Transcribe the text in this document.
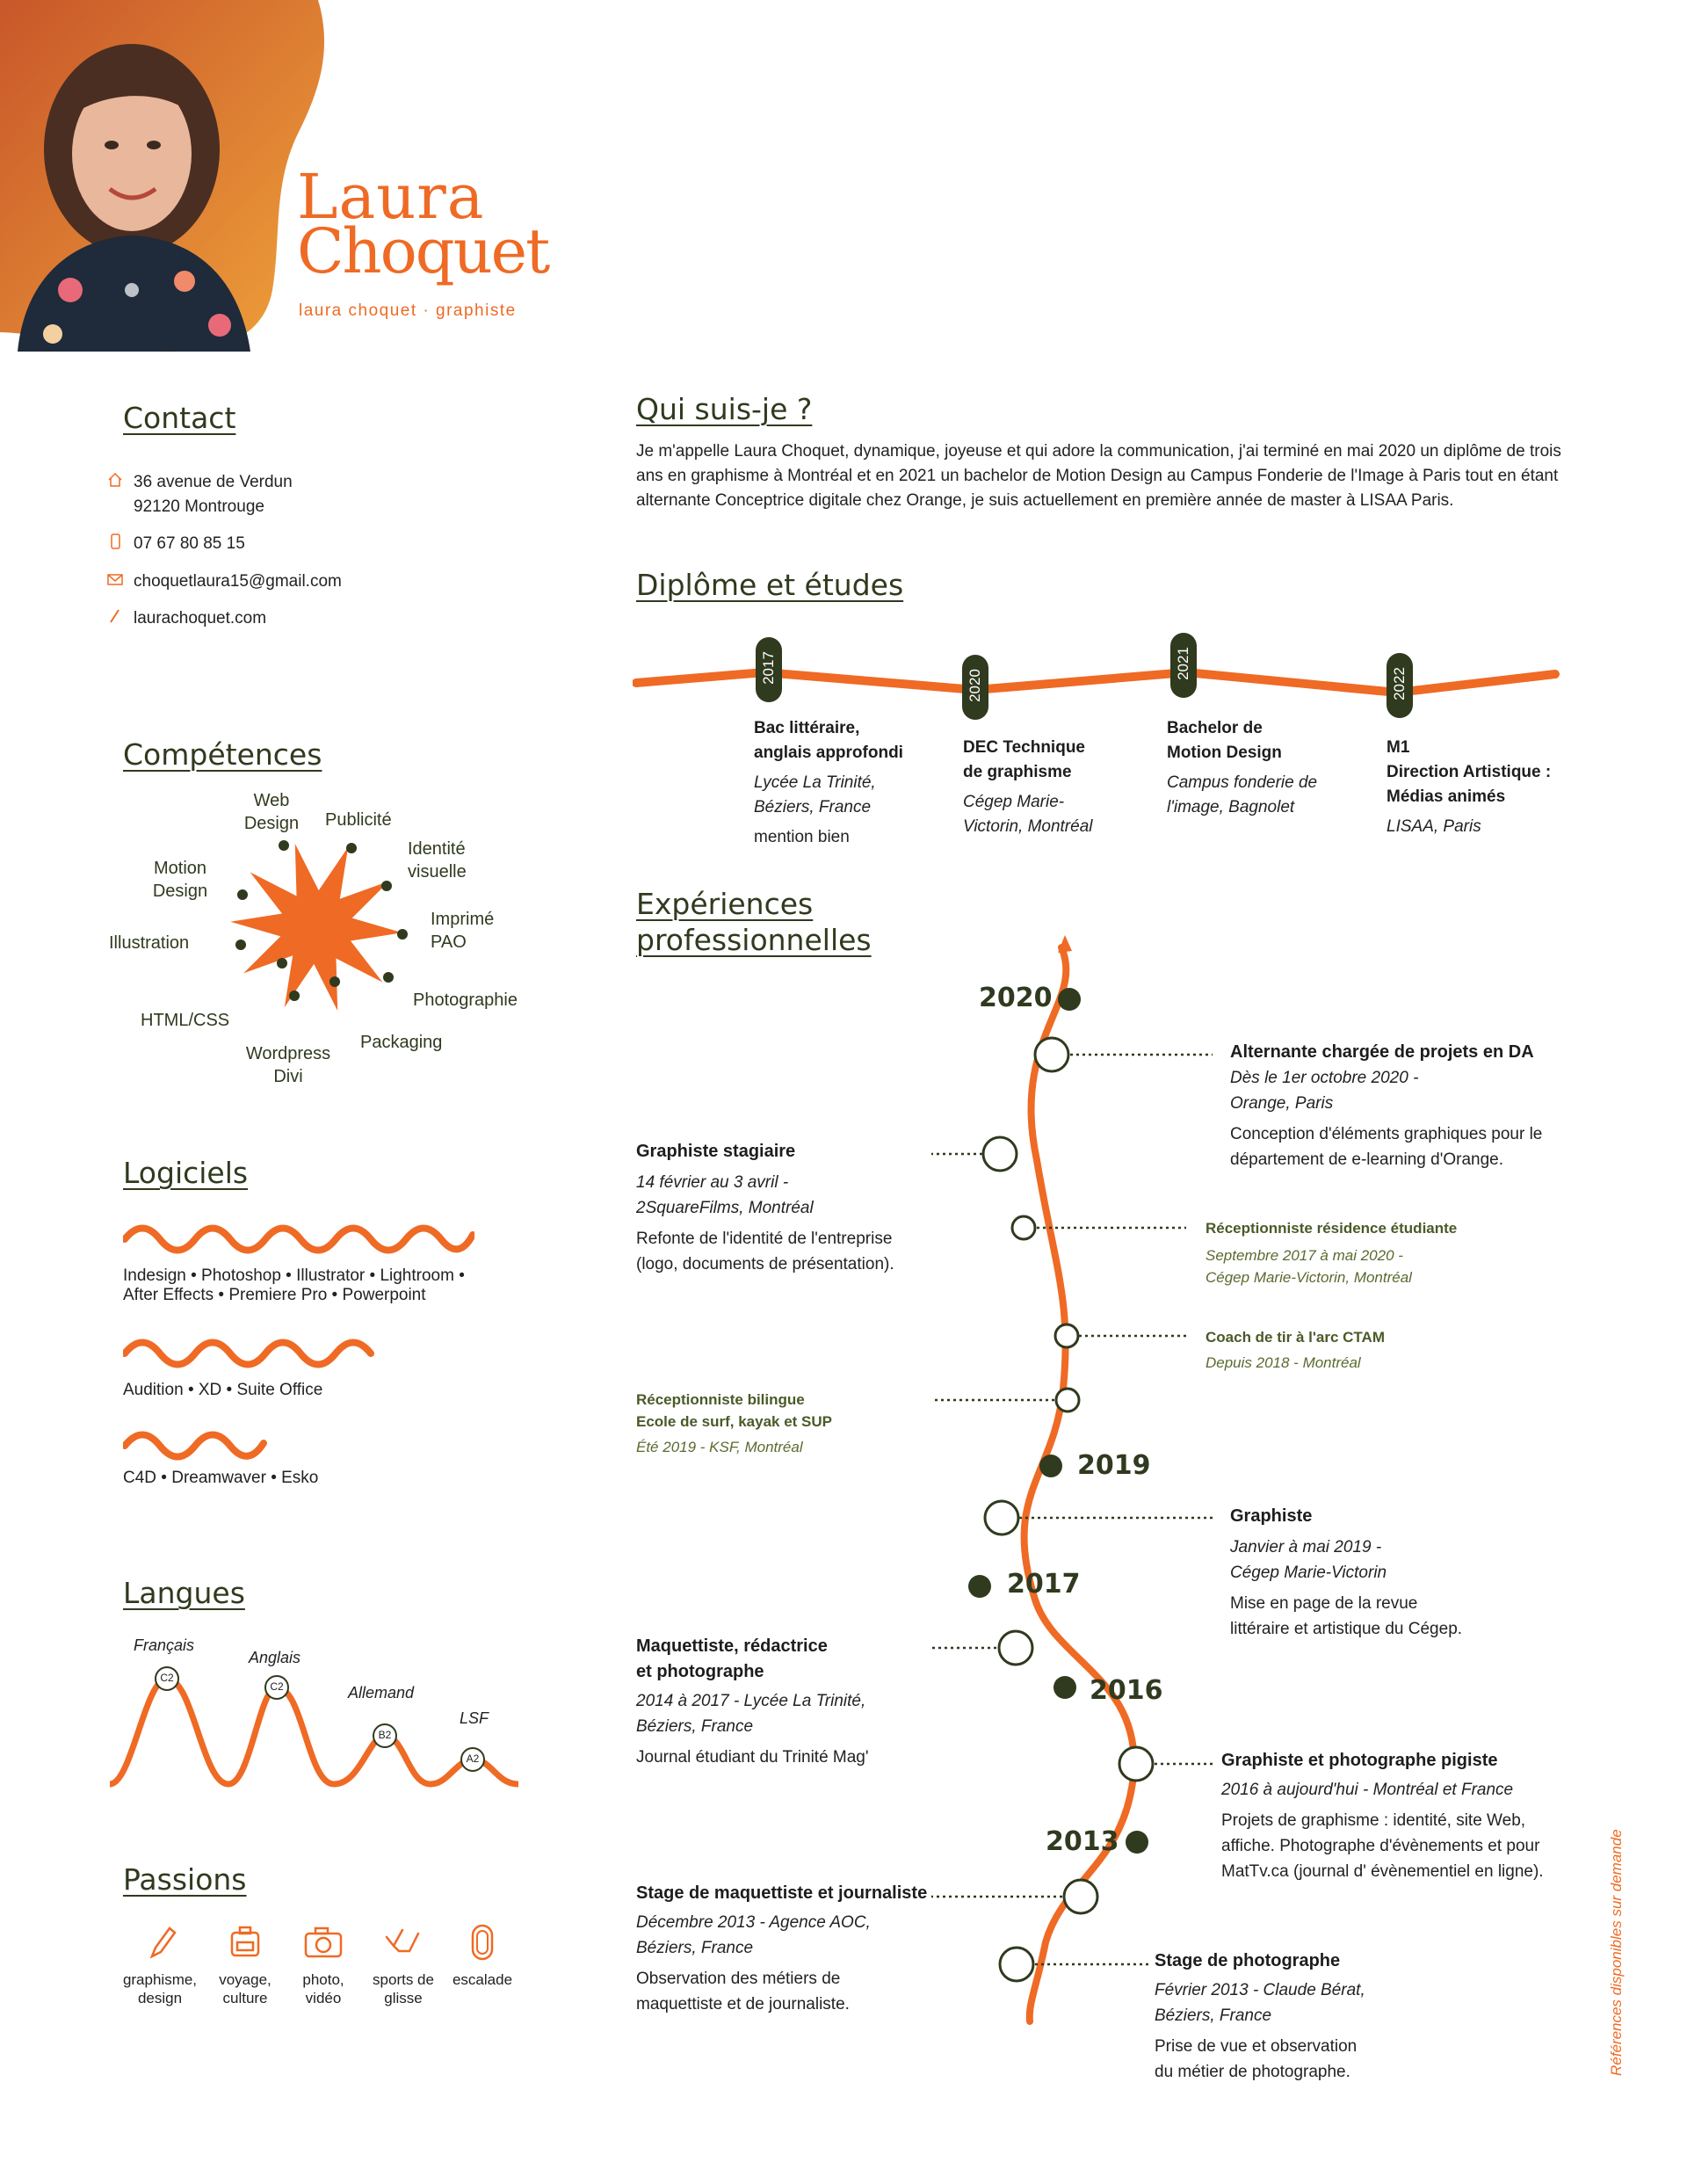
Laura
Choquet
laura choquet · graphiste
Contact
36 avenue de Verdun
92120 Montrouge
07 67 80 85 15
choquetlaura15@gmail.com
laurachoquet.com
Compétences
Web Design Publicité
Identité visuelle
Imprimé PAO
Photographie
Packaging
Wordpress Divi
HTML/CSS
Illustration
Motion Design
Logiciels
Indesign • Photoshop • Illustrator • Lightroom •
After Effects • Premiere Pro • Powerpoint
Audition • XD • Suite Office
C4D • Dreamwaver • Esko
Langues
Français
C2
Anglais
C2	Allemand
B2
LSF
A2
Passions
graphisme,
design
voyage,
culture
photo,
vidéo
sports de
glisse
escalade
Qui suis-je ?

Je m'appelle Laura Choquet, dynamique, joyeuse et qui adore la communication, j'ai terminé en mai 2020 un diplôme de trois ans en graphisme à Montréal et en 2021 un bachelor de Motion Design au Campus Fonderie de l'Image à Paris tout en étant alternante Conceptrice digitale chez Orange, je suis actuellement en première année de master à LISAA Paris.

Diplôme et études
2017
2020
2021
2022
Bac littéraire,
anglais approfondi
Lycée La Trinité,
Béziers, France
mention bien
DEC Technique
de graphisme
Cégep Marie-
Victorin, Montréal
Bachelor de
Motion Design
Campus fonderie de
l'image, Bagnolet
M1
Direction Artistique :
Médias animés
LISAA, Paris
Expériences
professionnelles
2020
2019
2017
2016
2013
Alternante chargée de projets en DA
Dès le 1er octobre 2020 -
Orange, Paris
Conception d'éléments graphiques pour le
département de e-learning d'Orange.
Graphiste stagiaire
14 février au 3 avril -
2SquareFilms, Montréal
Refonte de l'identité de l'entreprise
(logo, documents de présentation).
Réceptionniste résidence étudiante
Septembre 2017 à mai 2020 -
Cégep Marie-Victorin, Montréal
Coach de tir à l'arc CTAM
Depuis 2018 - Montréal
Réceptionniste bilingue
Ecole de surf, kayak et SUP
Été 2019 - KSF, Montréal
Graphiste
Janvier à mai 2019 -
Cégep Marie-Victorin
Mise en page de la revue
littéraire et artistique du Cégep.
Maquettiste, rédactrice
et photographe
2014 à 2017 - Lycée La Trinité,
Béziers, France
Journal étudiant du Trinité Mag'	Graphiste et photographe pigiste
2016 à aujourd'hui - Montréal et France
Projets de graphisme : identité, site Web,
affiche. Photographe d'évènements et pour
MatTv.ca (journal d' évènementiel en ligne).
Stage de maquettiste et journaliste
Décembre 2013 - Agence AOC,
Béziers, France
Observation des métiers de
maquettiste et de journaliste.
Stage de photographe
Février 2013 - Claude Bérat,
Béziers, France
Prise de vue et observation
du métier de photographe.	Références disponibles sur demande
